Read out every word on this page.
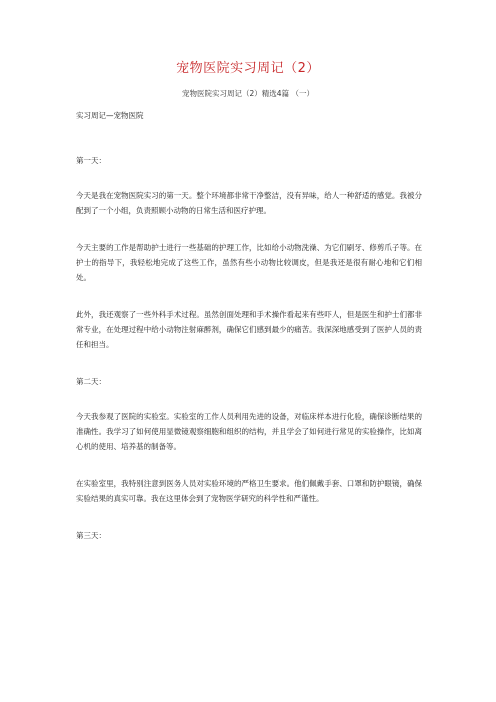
宠物医院实习周记（2）
宠物医院实习周记（2）精选4篇 （一）

实习周记—宠物医院

第一天：

今天是我在宠物医院实习的第一天。整个环境都非常干净整洁，没有异味，给人一种舒适的感觉。我被分配到了一个小组，负责照顾小动物的日常生活和医疗护理。

今天主要的工作是帮助护士进行一些基础的护理工作，比如给小动物洗澡、为它们刷牙、修剪爪子等。在护士的指导下，我轻松地完成了这些工作，虽然有些小动物比较调皮，但是我还是很有耐心地和它们相处。

此外，我还观察了一些外科手术过程。虽然创面处理和手术操作看起来有些吓人，但是医生和护士们都非常专业，在处理过程中给小动物注射麻醉剂，确保它们感到最少的痛苦。我深深地感受到了医护人员的责任和担当。

第二天：

今天我参观了医院的实验室。实验室的工作人员利用先进的设备，对临床样本进行化验，确保诊断结果的准确性。我学习了如何使用显微镜观察细胞和组织的结构，并且学会了如何进行常见的实验操作，比如离心机的使用、培养基的制备等。

在实验室里，我特别注意到医务人员对实验环境的严格卫生要求。他们佩戴手套、口罩和防护眼镜，确保实验结果的真实可靠。我在这里体会到了宠物医学研究的科学性和严谨性。

第三天：
